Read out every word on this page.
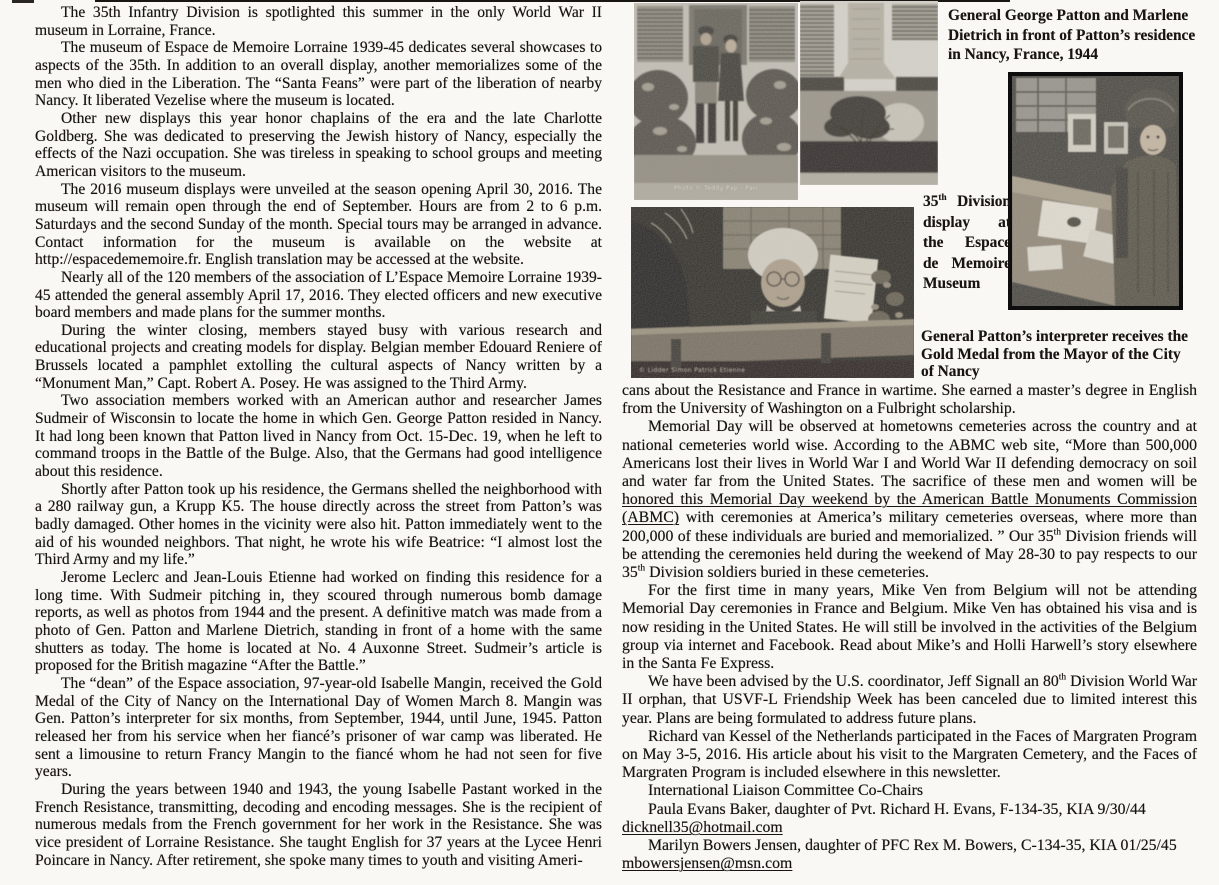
The 35th Infantry Division is spotlighted this summer in the only World War II museum in Lorraine, France.

The museum of Espace de Memoire Lorraine 1939-45 dedicates several showcases to aspects of the 35th. In addition to an overall display, another memorializes some of the men who died in the Liberation. The “Santa Feans” were part of the liberation of nearby Nancy. It liberated Vezelise where the museum is located.

Other new displays this year honor chaplains of the era and the late Charlotte Goldberg. She was dedicated to preserving the Jewish history of Nancy, especially the effects of the Nazi occupation. She was tireless in speaking to school groups and meeting American visitors to the museum.

The 2016 museum displays were unveiled at the season opening April 30, 2016. The museum will remain open through the end of September. Hours are from 2 to 6 p.m. Saturdays and the second Sunday of the month. Special tours may be arranged in advance. Contact information for the museum is available on the website at http://espacedememoire.fr. English translation may be accessed at the website.

Nearly all of the 120 members of the association of L’Espace Memoire Lorraine 1939-45 attended the general assembly April 17, 2016. They elected officers and new executive board members and made plans for the summer months.

During the winter closing, members stayed busy with various research and educational projects and creating models for display. Belgian member Edouard Reniere of Brussels located a pamphlet extolling the cultural aspects of Nancy written by a “Monument Man,” Capt. Robert A. Posey. He was assigned to the Third Army.

Two association members worked with an American author and researcher James Sudmeir of Wisconsin to locate the home in which Gen. George Patton resided in Nancy. It had long been known that Patton lived in Nancy from Oct. 15-Dec. 19, when he left to command troops in the Battle of the Bulge. Also, that the Germans had good intelligence about this residence.

Shortly after Patton took up his residence, the Germans shelled the neighborhood with a 280 railway gun, a Krupp K5. The house directly across the street from Patton’s was badly damaged. Other homes in the vicinity were also hit. Patton immediately went to the aid of his wounded neighbors. That night, he wrote his wife Beatrice: “I almost lost the Third Army and my life.”

Jerome Leclerc and Jean-Louis Etienne had worked on finding this residence for a long time. With Sudmeir pitching in, they scoured through numerous bomb damage reports, as well as photos from 1944 and the present. A definitive match was made from a photo of Gen. Patton and Marlene Dietrich, standing in front of a home with the same shutters as today. The home is located at No. 4 Auxonne Street. Sudmeir’s article is proposed for the British magazine “After the Battle.”

The “dean” of the Espace association, 97-year-old Isabelle Mangin, received the Gold Medal of the City of Nancy on the International Day of Women March 8. Mangin was Gen. Patton’s interpreter for six months, from September, 1944, until June, 1945. Patton released her from his service when her fiancé’s prisoner of war camp was liberated. He sent a limousine to return Francy Mangin to the fiancé whom he had not seen for five years.

During the years between 1940 and 1943, the young Isabelle Pastant worked in the French Resistance, transmitting, decoding and encoding messages. She is the recipient of numerous medals from the French government for her work in the Resistance. She was vice president of Lorraine Resistance. She taught English for 37 years at the Lycee Henri Poincare in Nancy. After retirement, she spoke many times to youth and visiting Ameri-

Photo © Teddy Pap - Pari
© Lidder Simon Patrick Etienne
General George Patton and Marlene Dietrich in front of Patton’s residence in Nancy, France, 1944
35th Division display at the Espace de Memoire Museum
General Patton’s interpreter receives the Gold Medal from the Mayor of the City of Nancy

cans about the Resistance and France in wartime. She earned a master’s degree in English from the University of Washington on a Fulbright scholarship.

Memorial Day will be observed at hometowns cemeteries across the country and at national cemeteries world wise. According to the ABMC web site, “More than 500,000 Americans lost their lives in World War I and World War II defending democracy on soil and water far from the United States. The sacrifice of these men and women will be honored this Memorial Day weekend by the American Battle Monuments Commission (ABMC) with ceremonies at America’s military cemeteries overseas, where more than 200,000 of these individuals are buried and memorialized. ” Our 35th Division friends will be attending the ceremonies held during the weekend of May 28-30 to pay respects to our 35th Division soldiers buried in these cemeteries.

For the first time in many years, Mike Ven from Belgium will not be attending Memorial Day ceremonies in France and Belgium. Mike Ven has obtained his visa and is now residing in the United States. He will still be involved in the activities of the Belgium group via internet and Facebook. Read about Mike’s and Holli Harwell’s story elsewhere in the Santa Fe Express.

We have been advised by the U.S. coordinator, Jeff Signall an 80th Division World War II orphan, that USVF-L Friendship Week has been canceled due to limited interest this year. Plans are being formulated to address future plans.

Richard van Kessel of the Netherlands participated in the Faces of Margraten Program on May 3-5, 2016. His article about his visit to the Margraten Cemetery, and the Faces of Margraten Program is included elsewhere in this newsletter.

International Liaison Committee Co-Chairs

Paula Evans Baker, daughter of Pvt. Richard H. Evans, F-134-35, KIA 9/30/44

dicknell35@hotmail.com

Marilyn Bowers Jensen, daughter of PFC Rex M. Bowers, C-134-35, KIA 01/25/45

mbowersjensen@msn.com
